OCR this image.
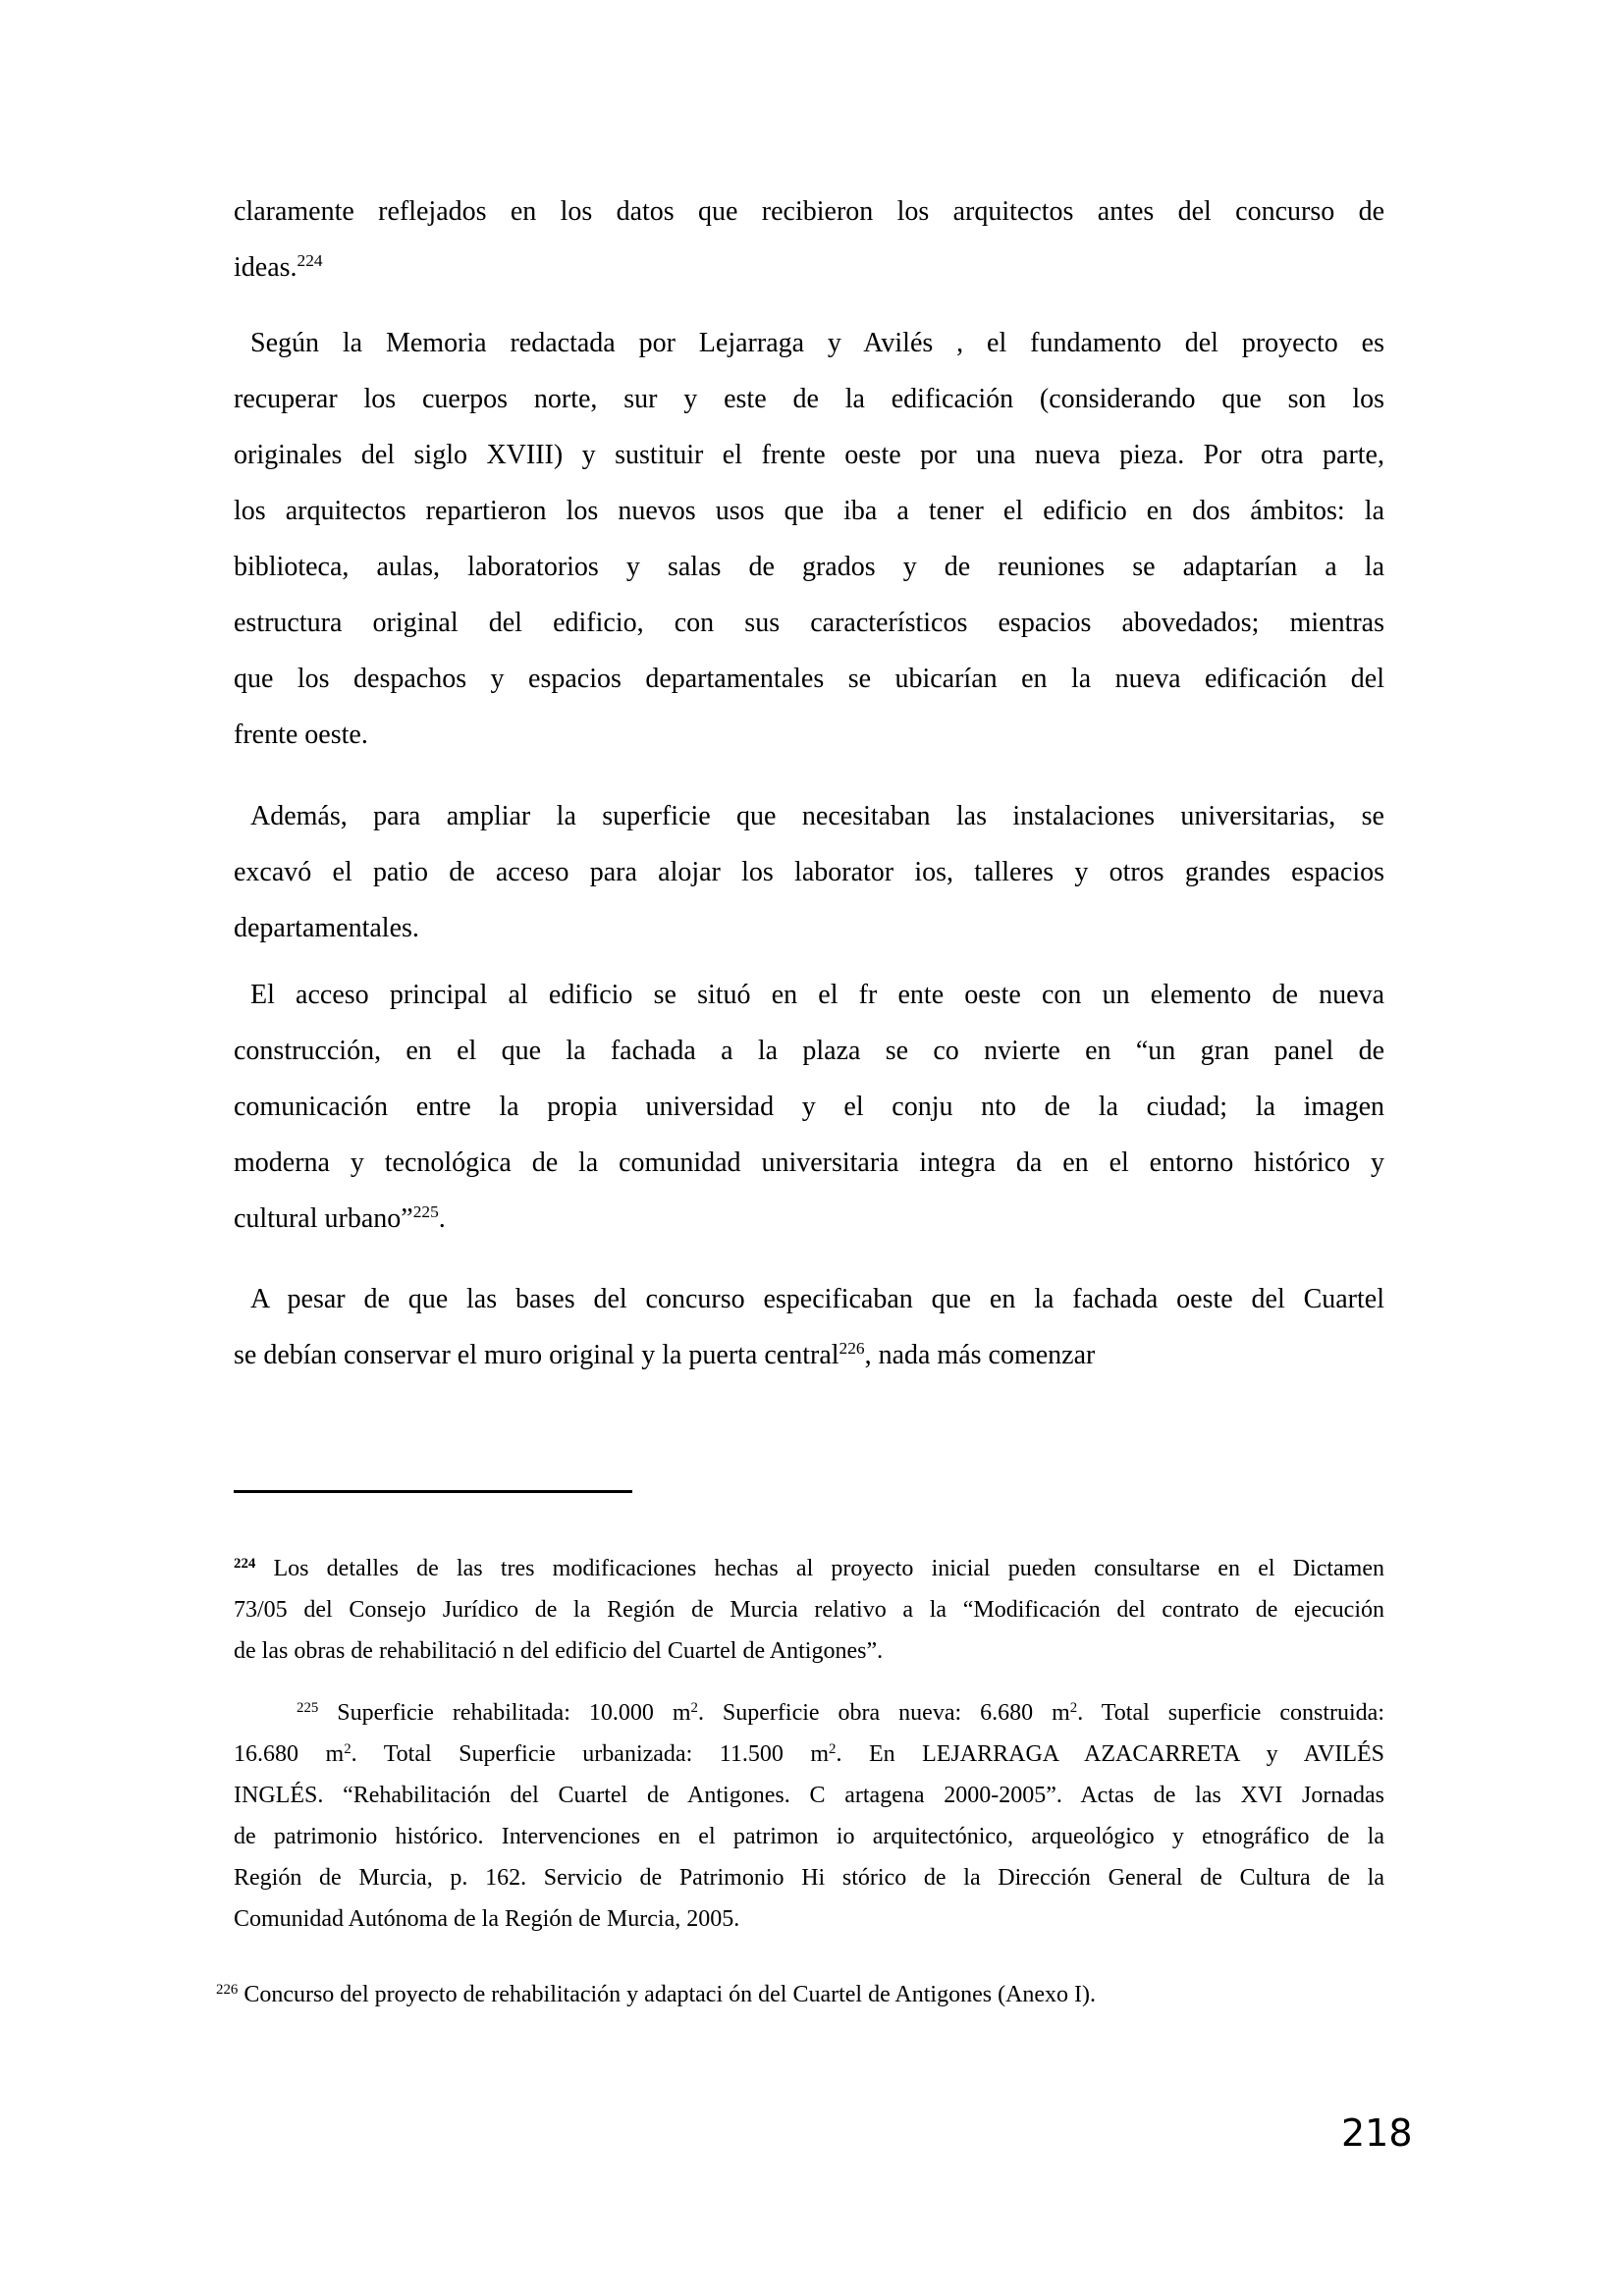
claramente reflejados en los datos que recibieron los arquitectos antes del concurso de
ideas.$^{224}$
Según la Memoria redactada por Lejarraga y Avilés , el fundamento del proyecto es
recuperar los cuerpos norte, sur y este de la edificación (considerando que son los
originales del siglo XVIII) y sustituir el frente oeste por una nueva pieza. Por otra parte,
los arquitectos repartieron los nuevos usos que iba a tener el edificio en dos ámbitos: la
biblioteca, aulas, laboratorios y salas de grados y de reuniones se adaptarían a la
estructura original del edificio, con sus característicos espacios abovedados; mientras
que los despachos y espacios departamentales se ubicarían en la nueva edificación del
frente oeste.
Además, para ampliar la superficie que necesitaban las instalaciones universitarias, se
excavó el patio de acceso para alojar los laborator ios, talleres y otros grandes espacios
departamentales.
El acceso principal al edificio se situó en el fr ente oeste con un elemento de nueva
construcción, en el que la fachada a la plaza se co nvierte en “un gran panel de
comunicación entre la propia universidad y el conju nto de la ciudad; la imagen
moderna y tecnológica de la comunidad universitaria integra da en el entorno histórico y
cultural urbano”$^{225}$.
A pesar de que las bases del concurso especificaban que en la fachada oeste del Cuartel
se debían conservar el muro original y la puerta central$^{226}$, nada más comenzar
$^{224}$ Los detalles de las tres modificaciones hechas al proyecto inicial pueden consultarse en el Dictamen
73/05 del Consejo Jurídico de la Región de Murcia relativo a la “Modificación del contrato de ejecución
de las obras de rehabilitació n del edificio del Cuartel de Antigones”.
$^{225}$ Superficie rehabilitada: 10.000 $m^2$. Superficie obra nueva: 6.680 $m^2$. Total superficie construida:
16.680 $m^2$. Total Superficie urbanizada: 11.500 $m^2$. En LEJARRAGA AZACARRETA y AVILÉS
INGLÉS. “Rehabilitación del Cuartel de Antigones. C artagena 2000-2005”. Actas de las XVI Jornadas
de patrimonio histórico. Intervenciones en el patrimon io arquitectónico, arqueológico y etnográfico de la
Región de Murcia, p. 162. Servicio de Patrimonio Hi stórico de la Dirección General de Cultura de la
Comunidad Autónoma de la Región de Murcia, 2005.
$^{226}$ Concurso del proyecto de rehabilitación y adaptaci ón del Cuartel de Antigones (Anexo I).
218
